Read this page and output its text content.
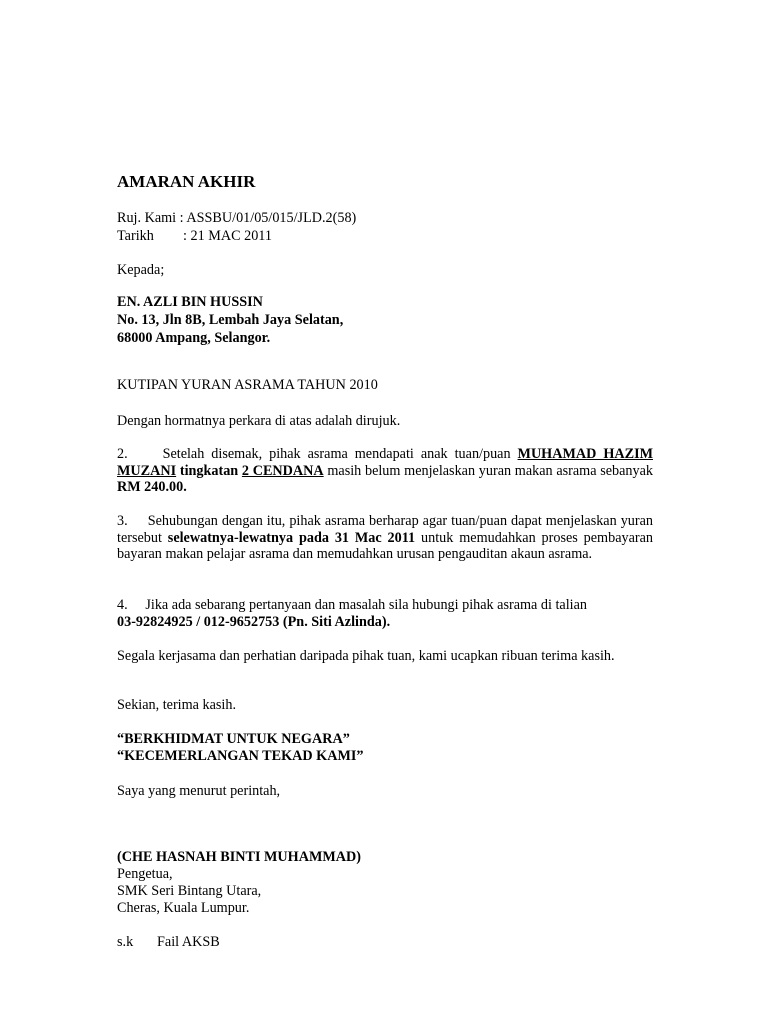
AMARAN AKHIR
Ruj. Kami : ASSBU/01/05/015/JLD.2(58)
Tarikh : 21 MAC 2011
Kepada;
EN. AZLI BIN HUSSIN
No. 13, Jln 8B, Lembah Jaya Selatan,
68000 Ampang, Selangor.
KUTIPAN YURAN ASRAMA TAHUN 2010
Dengan hormatnya perkara di atas adalah dirujuk.
2. Setelah disemak, pihak asrama mendapati anak tuan/puan MUHAMAD HAZIM MUZANI tingkatan 2 CENDANA masih belum menjelaskan yuran makan asrama sebanyak RM 240.00.
3. Sehubungan dengan itu, pihak asrama berharap agar tuan/puan dapat menjelaskan yuran tersebut selewatnya-lewatnya pada 31 Mac 2011 untuk memudahkan proses pembayaran bayaran makan pelajar asrama dan memudahkan urusan pengauditan akaun asrama.
4. Jika ada sebarang pertanyaan dan masalah sila hubungi pihak asrama di talian
03-92824925 / 012-9652753 (Pn. Siti Azlinda).
Segala kerjasama dan perhatian daripada pihak tuan, kami ucapkan ribuan terima kasih.
Sekian, terima kasih.
“BERKHIDMAT UNTUK NEGARA”
“KECEMERLANGAN TEKAD KAMI”
Saya yang menurut perintah,
(CHE HASNAH BINTI MUHAMMAD)
Pengetua,
SMK Seri Bintang Utara,
Cheras, Kuala Lumpur.
s.k Fail AKSB
